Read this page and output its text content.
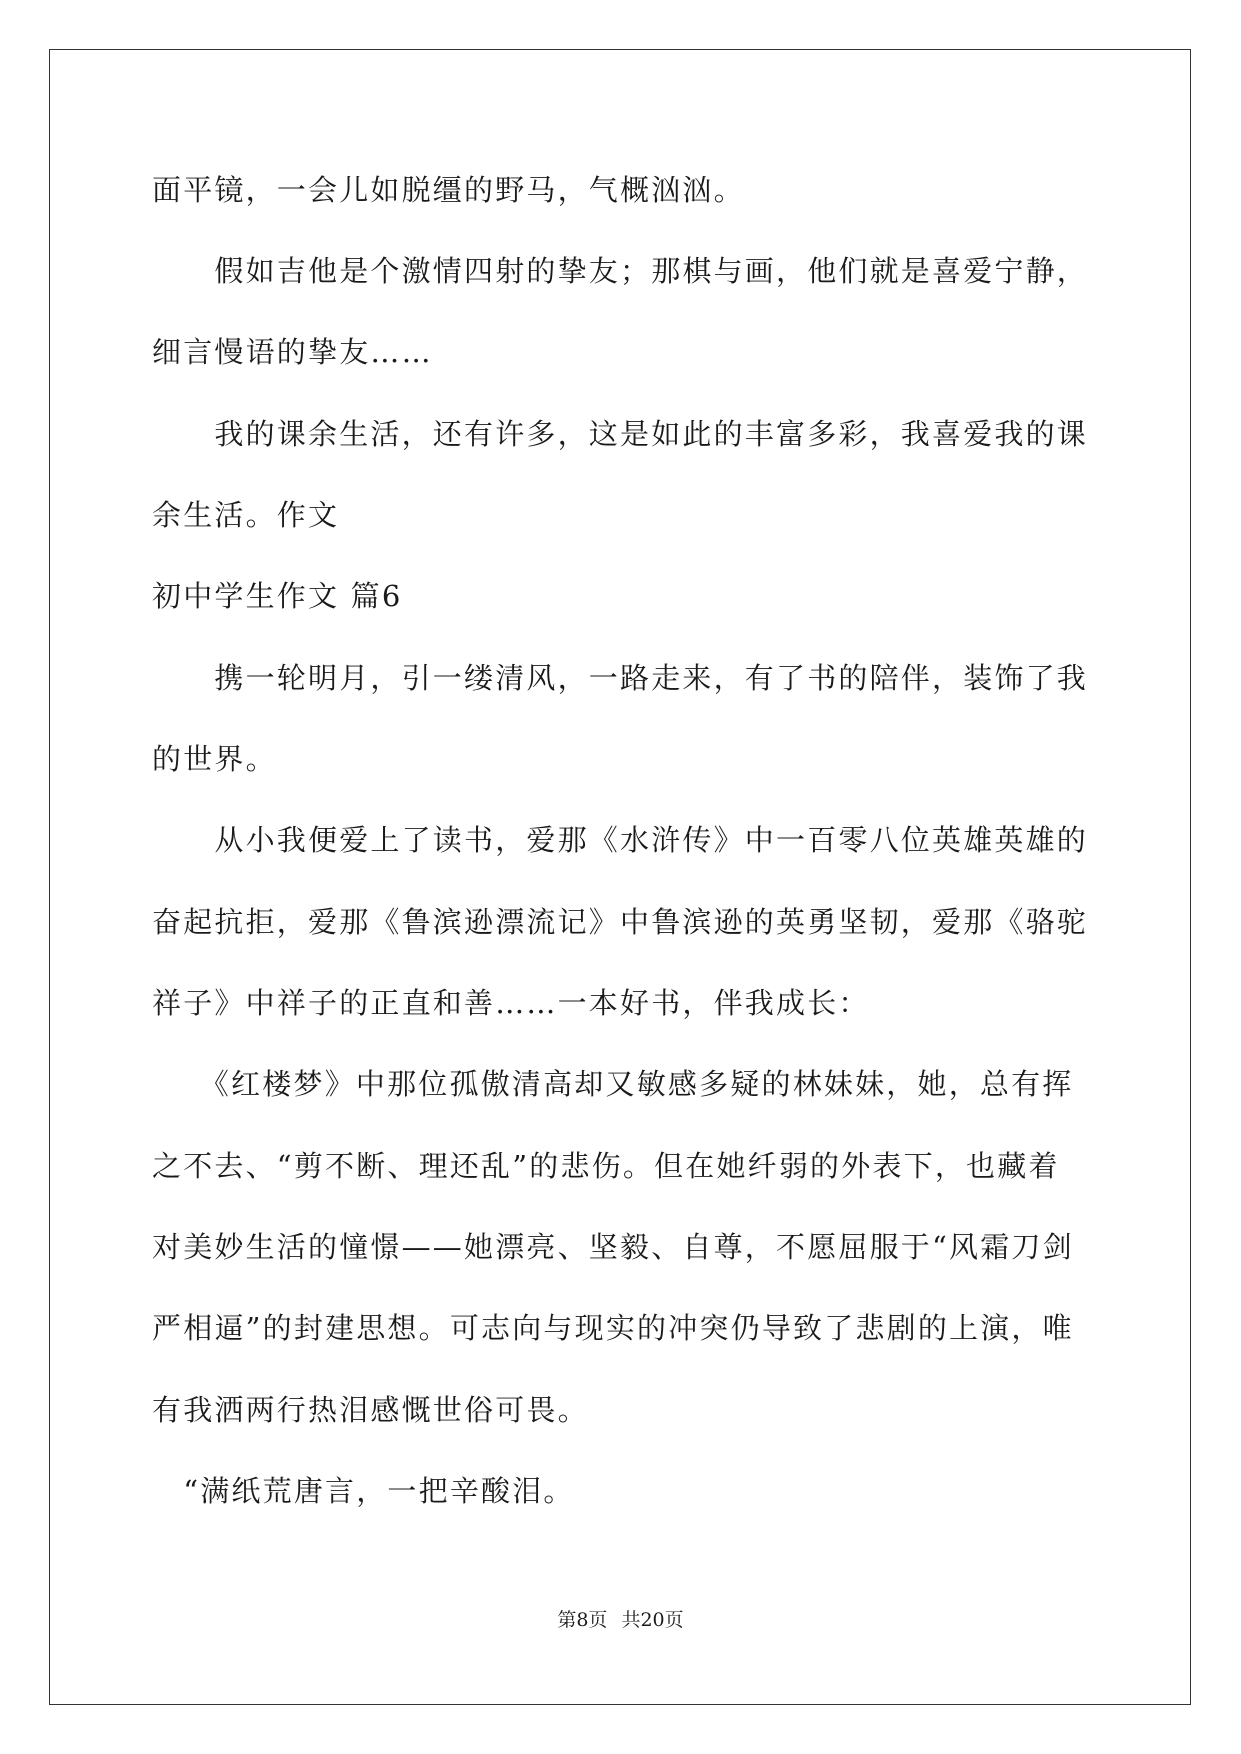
面平镜，一会儿如脱缰的野马，气概汹汹。
　　假如吉他是个激情四射的挚友；那棋与画，他们就是喜爱宁静，
细言慢语的挚友……
　　我的课余生活，还有许多，这是如此的丰富多彩，我喜爱我的课
余生活。作文
初中学生作文 篇6
　　携一轮明月，引一缕清风，一路走来，有了书的陪伴，装饰了我
的世界。
　　从小我便爱上了读书，爱那《水浒传》中一百零八位英雄英雄的
奋起抗拒，爱那《鲁滨逊漂流记》中鲁滨逊的英勇坚韧，爱那《骆驼
祥子》中祥子的正直和善……一本好书，伴我成长：
　　《红楼梦》中那位孤傲清高却又敏感多疑的林妹妹，她，总有挥
之不去、“剪不断、理还乱”的悲伤。但在她纤弱的外表下，也藏着
对美妙生活的憧憬——她漂亮、坚毅、自尊，不愿屈服于“风霜刀剑
严相逼”的封建思想。可志向与现实的冲突仍导致了悲剧的上演，唯
有我洒两行热泪感慨世俗可畏。
　“满纸荒唐言，一把辛酸泪。
第8页 共20页
